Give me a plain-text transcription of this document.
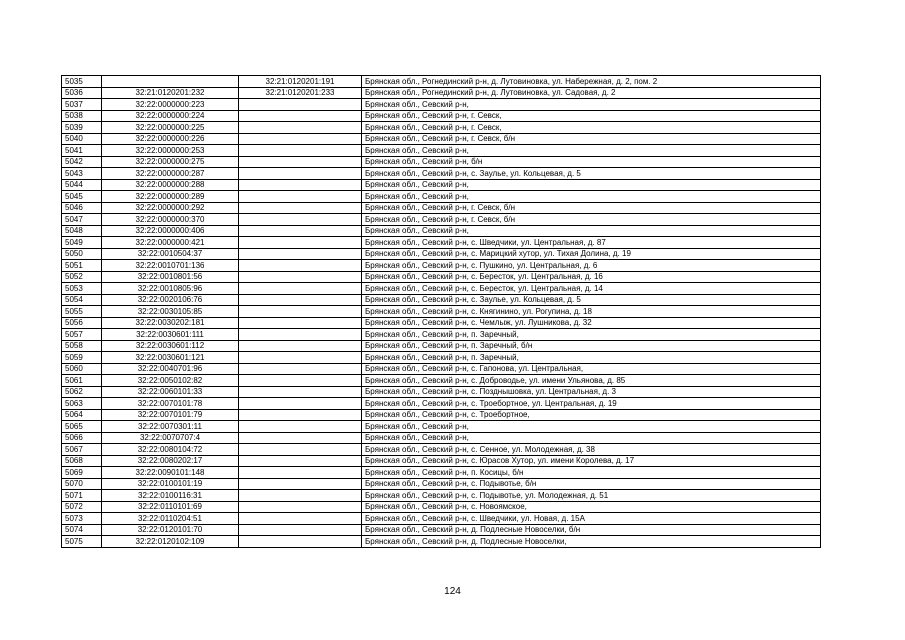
5035		32:21:0120201:191	Брянская обл., Рогнединский р-н, д. Лутовиновка, ул. Набережная, д. 2, пом. 2
5036	32:21:0120201:232	32:21:0120201:233	Брянская обл., Рогнединский р-н, д. Лутовиновка, ул. Садовая, д. 2
5037	32:22:0000000:223		Брянская обл., Севский р-н,
5038	32:22:0000000:224		Брянская обл., Севский р-н, г. Севск,
5039	32:22:0000000:225		Брянская обл., Севский р-н, г. Севск,
5040	32:22:0000000:226		Брянская обл., Севский р-н, г. Севск, б/н
5041	32:22:0000000:253		Брянская обл., Севский р-н,
5042	32:22:0000000:275		Брянская обл., Севский р-н, б/н
5043	32:22:0000000:287		Брянская обл., Севский р-н, с. Заулье, ул. Кольцевая, д. 5
5044	32:22:0000000:288		Брянская обл., Севский р-н,
5045	32:22:0000000:289		Брянская обл., Севский р-н,
5046	32:22:0000000:292		Брянская обл., Севский р-н, г. Севск, б/н
5047	32:22:0000000:370		Брянская обл., Севский р-н, г. Севск, б/н
5048	32:22:0000000:406		Брянская обл., Севский р-н,
5049	32:22:0000000:421		Брянская обл., Севский р-н, с. Шведчики, ул. Центральная, д. 87
5050	32:22:0010504:37		Брянская обл., Севский р-н, с. Марицкий хутор, ул. Тихая Долина, д. 19
5051	32:22:0010701:136		Брянская обл., Севский р-н, с. Пушкино, ул. Центральная, д. 6
5052	32:22:0010801:56		Брянская обл., Севский р-н, с. Бересток, ул. Центральная, д. 16
5053	32:22:0010805:96		Брянская обл., Севский р-н, с. Бересток, ул. Центральная, д. 14
5054	32:22:0020106:76		Брянская обл., Севский р-н, с. Заулье, ул. Кольцевая, д. 5
5055	32:22:0030105:85		Брянская обл., Севский р-н, с. Княгинино, ул. Рогупина, д. 18
5056	32:22:0030202:181		Брянская обл., Севский р-н, с. Чемлыж, ул. Лушникова, д. 32
5057	32:22:0030601:111		Брянская обл., Севский р-н, п. Заречный,
5058	32:22:0030601:112		Брянская обл., Севский р-н, п. Заречный, б/н
5059	32:22:0030601:121		Брянская обл., Севский р-н, п. Заречный,
5060	32:22:0040701:96		Брянская обл., Севский р-н, с. Гапонова, ул. Центральная,
5061	32:22:0050102:82		Брянская обл., Севский р-н, с. Доброводье, ул. имени Ульянова, д. 85
5062	32:22:0060101:33		Брянская обл., Севский р-н, с. Позднышовка, ул. Центральная, д. 3
5063	32:22:0070101:78		Брянская обл., Севский р-н, с. Троебортное, ул. Центральная, д. 19
5064	32:22:0070101:79		Брянская обл., Севский р-н, с. Троебортное,
5065	32:22:0070301:11		Брянская обл., Севский р-н,
5066	32:22:0070707:4		Брянская обл., Севский р-н,
5067	32:22:0080104:72		Брянская обл., Севский р-н, с. Сенное, ул. Молодежная, д. 38
5068	32:22:0080202:17		Брянская обл., Севский р-н, с. Юрасов Хутор, ул. имени Королева, д. 17
5069	32:22:0090101:148		Брянская обл., Севский р-н, п. Косицы, б/н
5070	32:22:0100101:19		Брянская обл., Севский р-н, с. Подывотье, б/н
5071	32:22:0100116:31		Брянская обл., Севский р-н, с. Подывотье, ул. Молодежная, д. 51
5072	32:22:0110101:69		Брянская обл., Севский р-н, с. Новоямское,
5073	32:22:0110204:51		Брянская обл., Севский р-н, с. Шведчики, ул. Новая, д. 15А
5074	32:22:0120101:70		Брянская обл., Севский р-н, д. Подлесные Новоселки, б/н
5075	32:22:0120102:109		Брянская обл., Севский р-н, д. Подлесные Новоселки,
124
